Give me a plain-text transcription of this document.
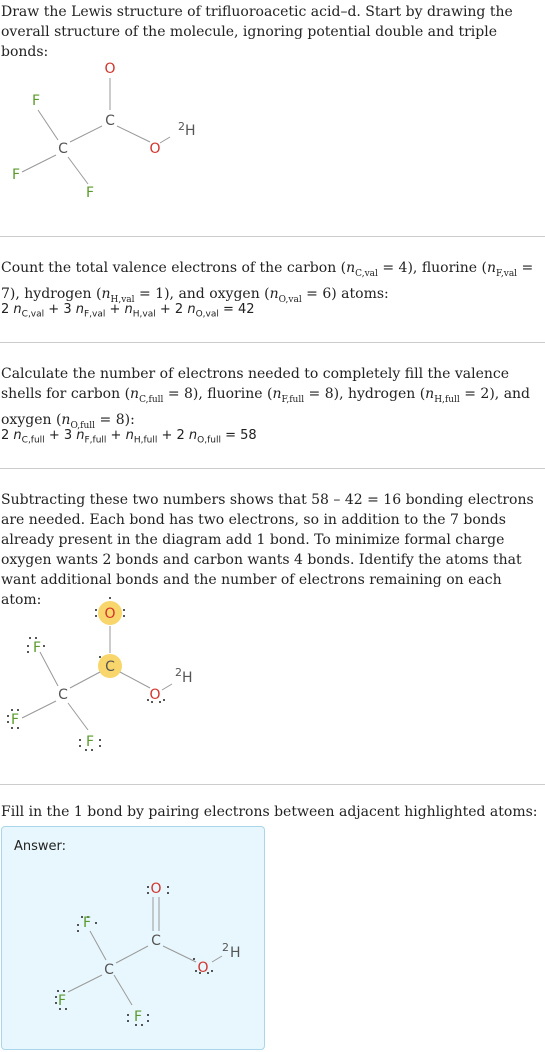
Draw the Lewis structure of trifluoroacetic acid–d. Start by drawing the overall structure of the molecule, ignoring potential double and triple bonds:
O
C
O
2 H
C
F
F
F
Count the total valence electrons of the carbon $(n_{C,val} = 4)$, fluorine $(n_{F,val} = 7)$, hydrogen $(n_{H,val} = 1)$, and oxygen $(n_{O,val} = 6)$ atoms:
2 $n_{C,val} + 3$ $n_{F,val} + n_{H,val} + 2$ $n_{O,val} = 42$
Calculate the number of electrons needed to completely fill the valence shells for carbon $(n_{C,full} = 8)$, fluorine $(n_{F,full} = 8)$, hydrogen $(n_{H,full} = 2)$, and oxygen $(n_{O,full} = 8)$:
2 $n_{C,full} + 3$ $n_{F,full} + n_{H,full} + 2$ $n_{O,full} = 58$
Subtracting these two numbers shows that 58 – 42 = 16 bonding electrons are needed. Each bond has two electrons, so in addition to the 7 bonds already present in the diagram add 1 bond. To minimize formal charge oxygen wants 2 bonds and carbon wants 4 bonds. Identify the atoms that want additional bonds and the number of electrons remaining on each atom:
O
C
O
2 H
C
F
F
F
Fill in the 1 bond by pairing electrons between adjacent highlighted atoms:
Answer:
O
C
O
2 H
C
F
F
F
